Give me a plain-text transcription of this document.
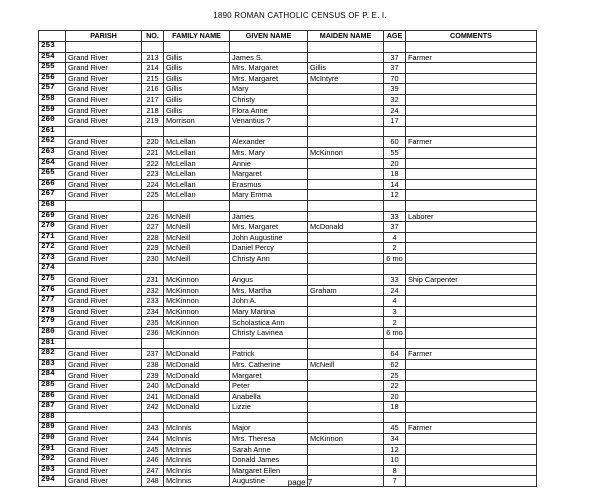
1890 ROMAN CATHOLIC CENSUS OF P. E. I.
	PARISH	NO.	FAMILY NAME	GIVEN NAME	MAIDEN NAME	AGE	COMMENTS
253							
254	Grand River	213	Gillis	James S.		37	Farmer
255	Grand River	214	Gillis	Mrs. Margaret	Gillis	37	
256	Grand River	215	Gillis	Mrs. Margaret	McIntyre	70	
257	Grand River	216	Gillis	Mary		39	
258	Grand River	217	Gillis	Christy		32	
259	Grand River	218	Gillis	Flora Anne		24	
260	Grand River	219	Morrison	Venantius ?		17	
261							
262	Grand River	220	McLellan	Alexander		60	Farmer
263	Grand River	221	McLellan	Mrs. Mary	McKinnon	55	
264	Grand River	222	McLellan	Annie		20	
265	Grand River	223	McLellan	Margaret		18	
266	Grand River	224	McLellan	Erasmus		14	
267	Grand River	225	McLellan	Mary Emma		12	
268							
269	Grand River	226	McNeill	James		33	Laborer
270	Grand River	227	McNeill	Mrs. Margaret	McDonald	37	
271	Grand River	228	McNeill	John Augustine		4	
272	Grand River	229	McNeill	Daniel Percy		2	
273	Grand River	230	McNeill	Christy Ann		6 mo	
274							
275	Grand River	231	McKinnon	Angus		33	Ship Carpenter
276	Grand River	232	McKinnon	Mrs. Martha	Graham	24	
277	Grand River	233	McKinnon	John A.		4	
278	Grand River	234	McKinnon	Mary Martina		3	
279	Grand River	235	McKinnon	Scholastica Ann		2	
280	Grand River	236	McKinnon	Christy Lavinea		6 mo	
281							
282	Grand River	237	McDonald	Patrick		64	Farmer
283	Grand River	238	McDonald	Mrs. Catherine	McNeill	62	
284	Grand River	239	McDonald	Margaret		25	
285	Grand River	240	McDonald	Peter		22	
286	Grand River	241	McDonald	Anabella		20	
287	Grand River	242	McDonald	Lizzie		18	
288							
289	Grand River	243	McInnis	Major		45	Farmer
290	Grand River	244	McInnis	Mrs. Theresa	McKinnon	34	
291	Grand River	245	McInnis	Sarah Anne		12	
292	Grand River	246	McInnis	Donald James		10	
293	Grand River	247	McInnis	Margaret Ellen		8	
294	Grand River	248	McInnis	Augustine		7	
page 7
